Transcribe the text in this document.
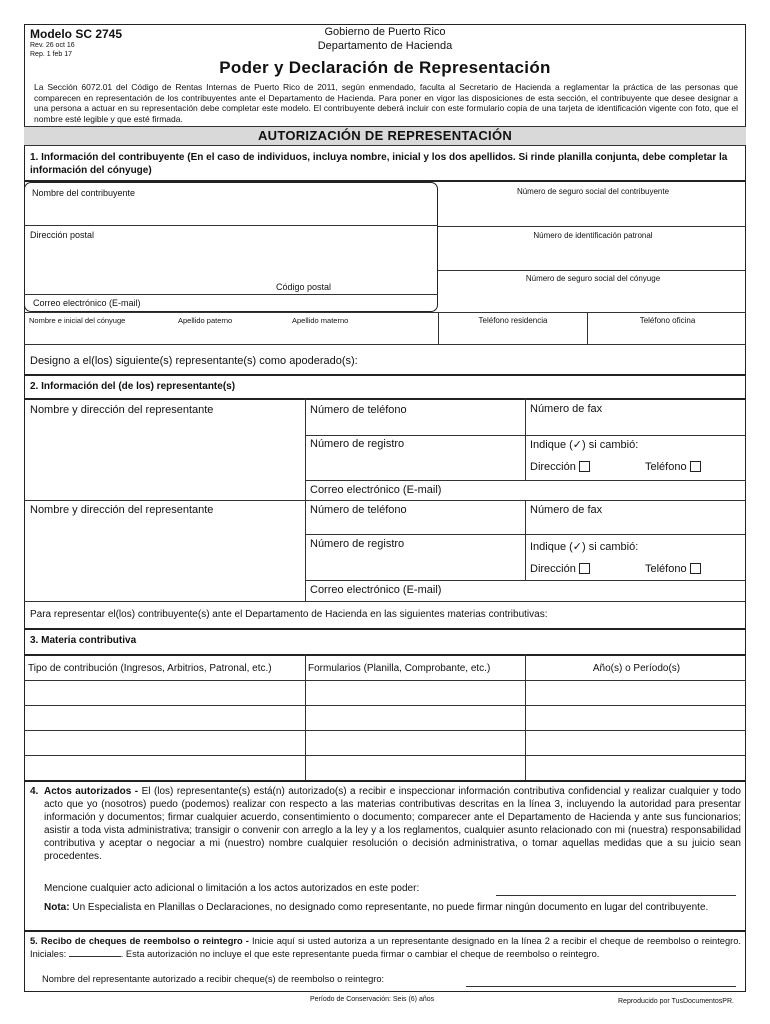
Modelo SC 2745
Rev. 26 oct 16
Rep. 1 feb 17
Gobierno de Puerto Rico
Departamento de Hacienda
Poder y Declaración de Representación
La Sección 6072.01 del Código de Rentas Internas de Puerto Rico de 2011, según enmendado, faculta al Secretario de Hacienda a reglamentar la práctica de las personas que comparecen en representación de los contribuyentes ante el Departamento de Hacienda. Para poner en vigor las disposiciones de esta sección, el contribuyente que desee designar a una persona a actuar en su representación debe completar este modelo. El contribuyente deberá incluir con este formulario copia de una tarjeta de identificación vigente con foto, que el nombre esté legible y que esté firmada.
AUTORIZACIÓN DE REPRESENTACIÓN
1. Información del contribuyente (En el caso de individuos, incluya nombre, inicial y los dos apellidos. Si rinde planilla conjunta, debe completar la información del cónyuge)
Nombre del contribuyente
Dirección postal
Código postal
Correo electrónico (E-mail)
Número de seguro social del contribuyente
Número de identificación patronal
Número de seguro social del cónyuge
Nombre e inicial del cónyuge	Apellido paterno	Apellido materno	Teléfono residencia	Teléfono oficina
Designo a el(los) siguiente(s) representante(s) como apoderado(s):
2. Información del (de los) representante(s)
Nombre y dirección del representante	Número de teléfono	Número de fax
Número de registro	Indique (✓) si cambió:
Dirección	Teléfono
Correo electrónico (E-mail)
Nombre y dirección del representante	Número de teléfono	Número de fax
Número de registro	Indique (✓) si cambió:
Dirección	Teléfono
Correo electrónico (E-mail)
Para representar el(los) contribuyente(s) ante el Departamento de Hacienda en las siguientes materias contributivas:
3. Materia contributiva
Tipo de contribución (Ingresos, Arbitrios, Patronal, etc.)	Formularios (Planilla, Comprobante, etc.)	Año(s) o Período(s)
4. Actos autorizados - El (los) representante(s) está(n) autorizado(s) a recibir e inspeccionar información contributiva confidencial y realizar cualquier y todo acto que yo (nosotros) puedo (podemos) realizar con respecto a las materias contributivas descritas en la línea 3, incluyendo la autoridad para presentar información y documentos; firmar cualquier acuerdo, consentimiento o documento; comparecer ante el Departamento de Hacienda y ante sus funcionarios; asistir a toda vista administrativa; transigir o convenir con arreglo a la ley y a los reglamentos, cualquier asunto relacionado con mi (nuestra) responsabilidad contributiva y aceptar o negociar a mi (nuestro) nombre cualquier resolución o decisión administrativa, o tomar aquellas medidas que a su juicio sean procedentes.
Mencione cualquier acto adicional o limitación a los actos autorizados en este poder:
Nota: Un Especialista en Planillas o Declaraciones, no designado como representante, no puede firmar ningún documento en lugar del contribuyente.
5. Recibo de cheques de reembolso o reintegro - Inicie aquí si usted autoriza a un representante designado en la línea 2 a recibir el cheque de reembolso o reintegro. Iniciales:	. Esta autorización no incluye el que este representante pueda firmar o cambiar el cheque de reembolso o reintegro.
Nombre del representante autorizado a recibir cheque(s) de reembolso o reintegro:
Período de Conservación: Seis (6) años	Reproducido por TusDocumentosPR.
